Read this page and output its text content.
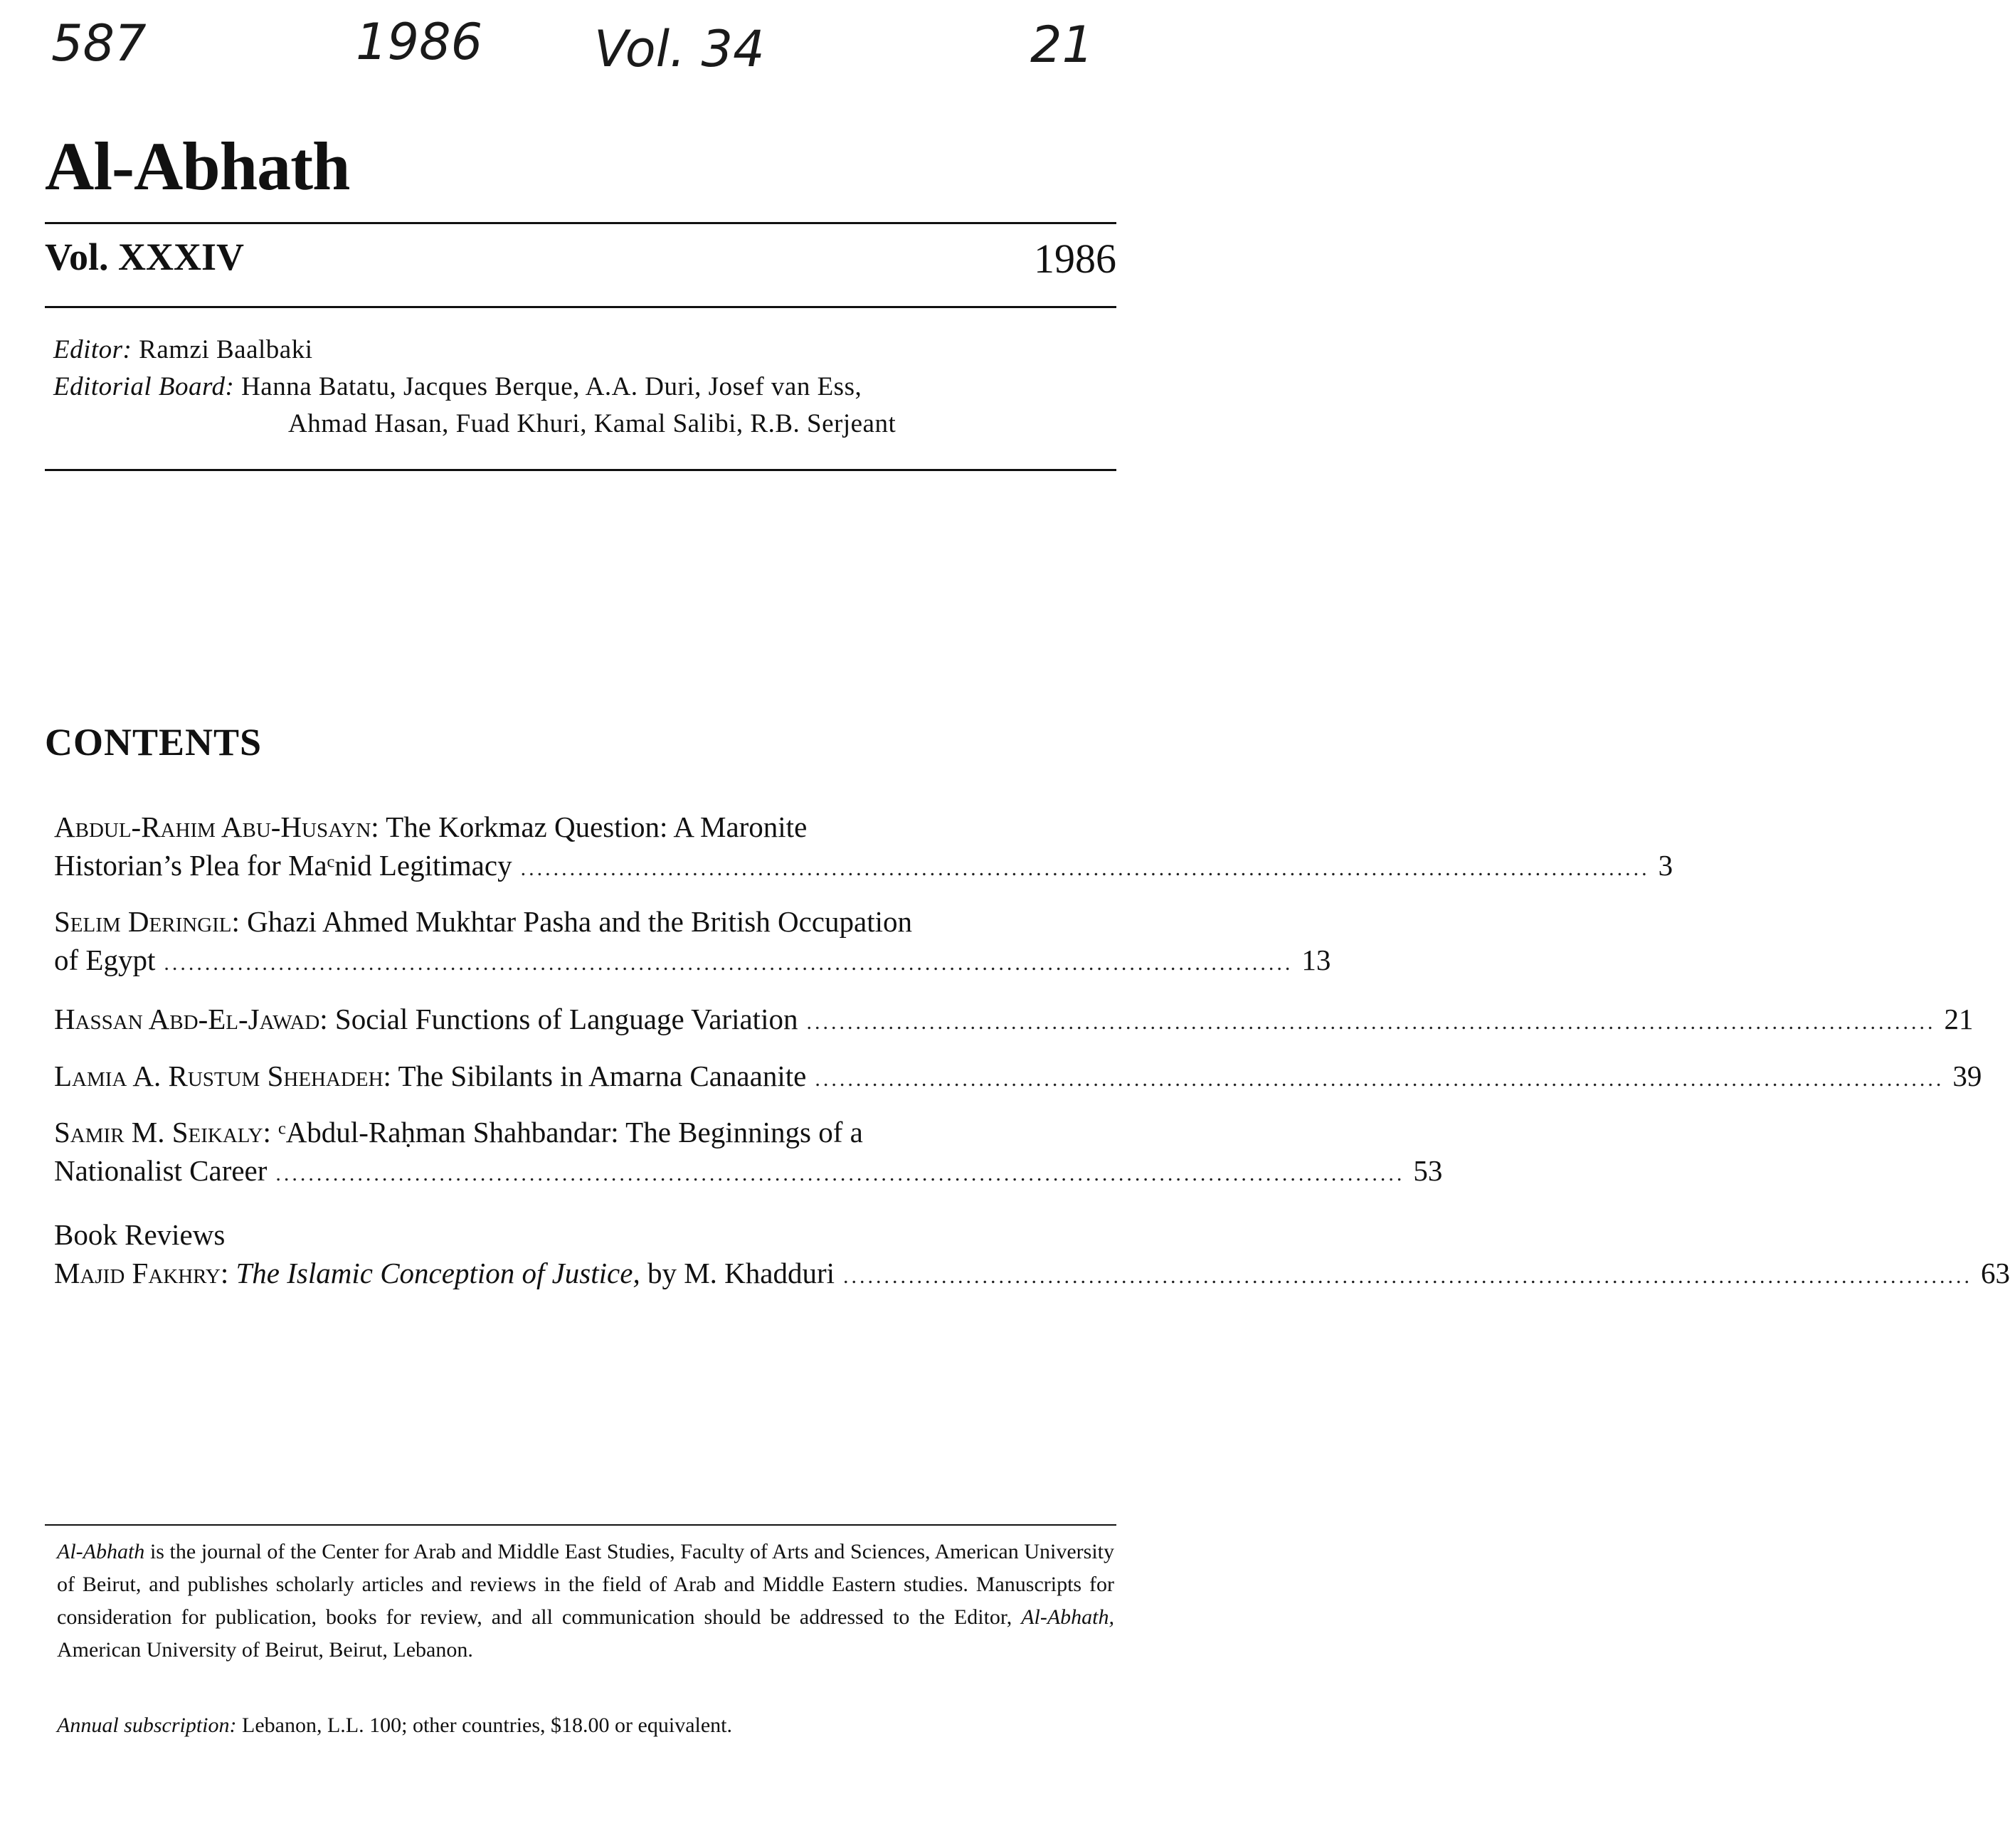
587	1986 Vol. 34	21
Al-Abhath
Vol. XXXIV	1986
Editor: Ramzi Baalbaki
Editorial Board: Hanna Batatu, Jacques Berque, A.A. Duri, Josef van Ess,
Ahmad Hasan, Fuad Khuri, Kamal Salibi, R.B. Serjeant
CONTENTS
Abdul-Rahim Abu-Husayn: The Korkmaz Question: A Maronite
Historian’s Plea for Maᶜnid Legitimacy .......................................................................................................................................... 3
Selim Deringil: Ghazi Ahmed Mukhtar Pasha and the British Occupation
of Egypt .......................................................................................................................................... 13
Hassan Abd-El-Jawad: Social Functions of Language Variation .......................................................................................................................................... 21
Lamia A. Rustum Shehadeh: The Sibilants in Amarna Canaanite .......................................................................................................................................... 39
Samir M. Seikaly: ᶜAbdul-Raḥman Shahbandar: The Beginnings of a
Nationalist Career .......................................................................................................................................... 53
Book Reviews
Majid Fakhry: The Islamic Conception of Justice, by M. Khadduri .......................................................................................................................................... 63
Al-Abhath is the journal of the Center for Arab and Middle East Studies, Faculty of Arts and Sciences, American University of Beirut, and publishes scholarly articles and reviews in the field of Arab and Middle Eastern studies. Manuscripts for consideration for publication, books for review, and all communication should be addressed to the Editor, Al-Abhath, American University of Beirut, Beirut, Lebanon.
Annual subscription: Lebanon, L.L. 100; other countries, $18.00 or equivalent.
